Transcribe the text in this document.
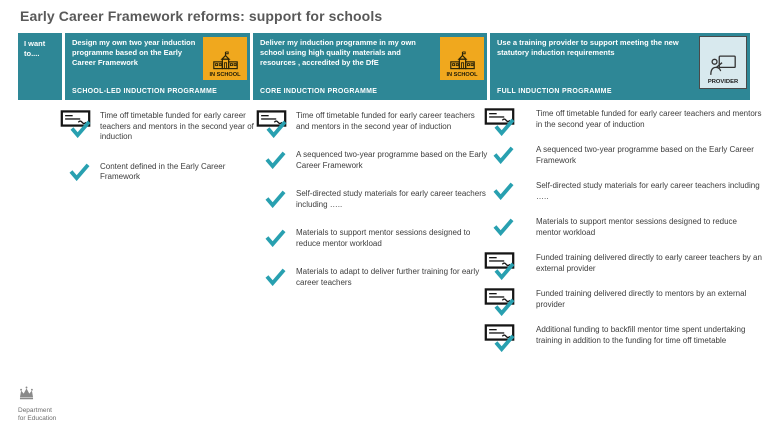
Early Career Framework reforms: support for schools
I want to....
Design my own two year induction programme based on the Early Career Framework
IN SCHOOL
SCHOOL-LED INDUCTION PROGRAMME
Deliver my induction programme in my own school using high quality materials and resources , accredited by the DfE
IN SCHOOL
CORE INDUCTION PROGRAMME
Use a training provider to support meeting the new statutory induction requirements
PROVIDER
FULL INDUCTION PROGRAMME
Time off timetable funded for early career teachers and mentors in the second year of induction
Content defined in the Early Career Framework
Time off timetable funded for early career teachers and mentors in the second year of induction
A sequenced two-year programme based on the Early Career Framework
Self-directed study materials for early career teachers including …..
Materials to support mentor sessions designed to reduce mentor workload
Materials to adapt to deliver further training for early career teachers
Time off timetable funded for early career teachers and mentors in the second year of induction
A sequenced two-year programme based on the Early Career Framework
Self-directed study materials for early career teachers including …..
Materials to support mentor sessions designed to reduce mentor workload
Funded training delivered directly to early career teachers by an external provider
Funded training delivered directly to mentors by an external provider
Additional funding to backfill mentor time spent undertaking training in addition to the funding for time off timetable
Department
for Education
